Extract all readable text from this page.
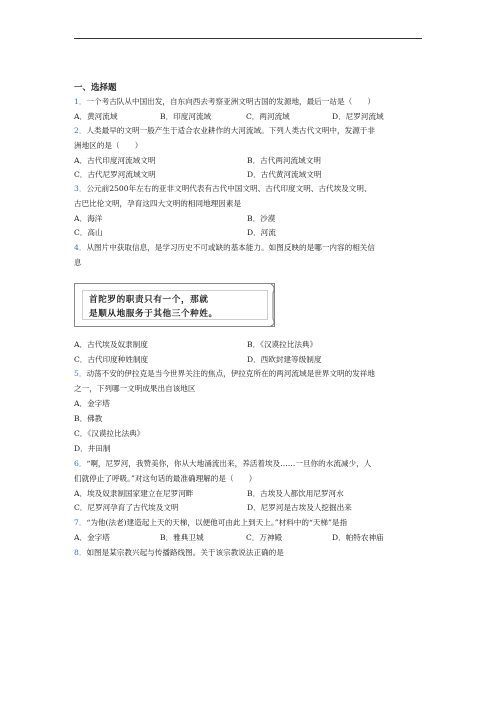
一、选择题
1．一个考古队从中国出发，自东向西去考察亚洲文明古国的发源地，最后一站是（　　）
A．黄河流域	B．印度河流域	C．两河流域	D．尼罗河流域
2．人类最早的文明一般产生于适合农业耕作的大河流域。下列人类古代文明中，发源于非
洲地区的是（　　）
A．古代印度河流域文明	B．古代两河流域文明
C．古代尼罗河流域文明	D．古代黄河流域文明
3．公元前2500年左右的亚非文明代表有古代中国文明、古代印度文明、古代埃及文明、
古巴比伦文明，孕育这四大文明的相同地理因素是
A．海洋	B．沙漠
C．高山	D．河流
4．从图片中获取信息，是学习历史不可或缺的基本能力。如图反映的是哪一内容的相关信
息
首陀罗的职责只有一个，那就
是顺从地服务于其他三个种姓。
A．古代埃及奴隶制度	B．《汉谟拉比法典》
C．古代印度种姓制度	D．西欧封建等级制度
5．动荡不安的伊拉克是当今世界关注的焦点，伊拉克所在的两河流域是世界文明的发祥地
之一，下列哪一文明成果出自该地区
A．金字塔
B．佛教
C．《汉谟拉比法典》
D．井田制
6．“啊，尼罗河，我赞美你，你从大地涌流出来，养活着埃及……一旦你的水流减少，人
们就停止了呼吸。”对这句话的最准确理解的是（　　）
A．埃及奴隶制国家建立在尼罗河畔	B．古埃及人都饮用尼罗河水
C．尼罗河孕育了古代埃及文明	D．尼罗河是古埃及人挖掘出来
7．“为他(法老)建造起上天的天梯，以便他可由此上到天上。”材料中的“天梯”是指
A．金字塔	B．雅典卫城	C．万神殿	D．帕特农神庙
8．如图是某宗教兴起与传播路线图。关于该宗教说法正确的是
